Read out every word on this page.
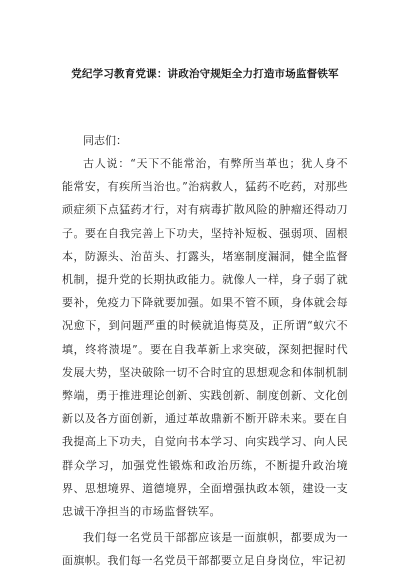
党纪学习教育党课：讲政治守规矩全力打造市场监督铁军

同志们：

古人说：“天下不能常治，有弊所当革也；犹人身不能常安，有疾所当治也。”治病救人，猛药不吃药，对那些顽症须下点猛药才行，对有病毒扩散风险的肿瘤还得动刀子。要在自我完善上下功夫，坚持补短板、强弱项、固根本，防源头、治苗头、打露头，堵塞制度漏洞，健全监督机制，提升党的长期执政能力。就像人一样，身子弱了就要补，免疫力下降就要加强。如果不管不顾，身体就会每况愈下，到问题严重的时候就追悔莫及，正所谓“蚁穴不填，终将溃堤”。要在自我革新上求突破，深刻把握时代发展大势，坚决破除一切不合时宜的思想观念和体制机制弊端，勇于推进理论创新、实践创新、制度创新、文化创新以及各方面创新，通过革故鼎新不断开辟未来。要在自我提高上下功夫，自觉向书本学习、向实践学习、向人民群众学习，加强党性锻炼和政治历练，不断提升政治境界、思想境界、道德境界，全面增强执政本领，建设一支忠诚干净担当的市场监督铁军。

我们每一名党员干部都应该是一面旗帜，都要成为一面旗帜。我们每一名党员干部都要立足自身岗位，牢记初
